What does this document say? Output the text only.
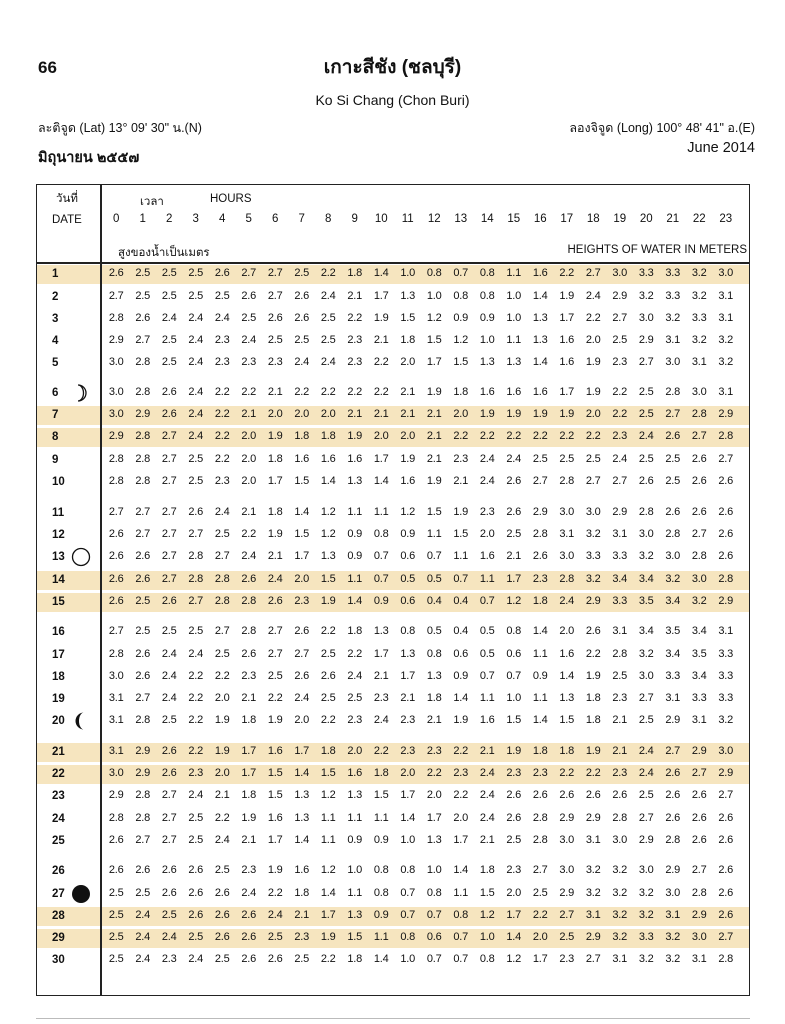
66	เกาะสีชัง (ชลบุรี)
Ko Si Chang (Chon Buri)
ละติจูด (Lat) 13° 09' 30" น.(N)	ลองจิจูด (Long) 100° 48' 41" อ.(E)
มิถุนายน ๒๕๕๗
June 2014
วันที่
DATE
เวลา	HOURS
0	1	2	3	4	5	6	7	8	9	10	11	12	13	14	15	16	17	18	19	20	21	22	23
สูงของน้ำเป็นเมตร	HEIGHTS OF WATER IN METERS
1	2.6	2.5	2.5	2.5	2.6	2.7	2.7	2.5	2.2	1.8	1.4	1.0	0.8	0.7	0.8	1.1	1.6	2.2	2.7	3.0	3.3	3.3	3.2	3.0
2	2.7	2.5	2.5	2.5	2.5	2.6	2.7	2.6	2.4	2.1	1.7	1.3	1.0	0.8	0.8	1.0	1.4	1.9	2.4	2.9	3.2	3.3	3.2	3.1
3	2.8	2.6	2.4	2.4	2.4	2.5	2.6	2.6	2.5	2.2	1.9	1.5	1.2	0.9	0.9	1.0	1.3	1.7	2.2	2.7	3.0	3.2	3.3	3.1
4	2.9	2.7	2.5	2.4	2.3	2.4	2.5	2.5	2.5	2.3	2.1	1.8	1.5	1.2	1.0	1.1	1.3	1.6	2.0	2.5	2.9	3.1	3.2	3.2
5	3.0	2.8	2.5	2.4	2.3	2.3	2.3	2.4	2.4	2.3	2.2	2.0	1.7	1.5	1.3	1.3	1.4	1.6	1.9	2.3	2.7	3.0	3.1	3.2
6	3.0	2.8	2.6	2.4	2.2	2.2	2.1	2.2	2.2	2.2	2.2	2.1	1.9	1.8	1.6	1.6	1.6	1.7	1.9	2.2	2.5	2.8	3.0	3.1
7	3.0	2.9	2.6	2.4	2.2	2.1	2.0	2.0	2.0	2.1	2.1	2.1	2.1	2.0	1.9	1.9	1.9	1.9	2.0	2.2	2.5	2.7	2.8	2.9
8	2.9	2.8	2.7	2.4	2.2	2.0	1.9	1.8	1.8	1.9	2.0	2.0	2.1	2.2	2.2	2.2	2.2	2.2	2.2	2.3	2.4	2.6	2.7	2.8
9	2.8	2.8	2.7	2.5	2.2	2.0	1.8	1.6	1.6	1.6	1.7	1.9	2.1	2.3	2.4	2.4	2.5	2.5	2.5	2.4	2.5	2.5	2.6	2.7
10	2.8	2.8	2.7	2.5	2.3	2.0	1.7	1.5	1.4	1.3	1.4	1.6	1.9	2.1	2.4	2.6	2.7	2.8	2.7	2.7	2.6	2.5	2.6	2.6
11	2.7	2.7	2.7	2.6	2.4	2.1	1.8	1.4	1.2	1.1	1.1	1.2	1.5	1.9	2.3	2.6	2.9	3.0	3.0	2.9	2.8	2.6	2.6	2.6
12	2.6	2.7	2.7	2.7	2.5	2.2	1.9	1.5	1.2	0.9	0.8	0.9	1.1	1.5	2.0	2.5	2.8	3.1	3.2	3.1	3.0	2.8	2.7	2.6
13	2.6	2.6	2.7	2.8	2.7	2.4	2.1	1.7	1.3	0.9	0.7	0.6	0.7	1.1	1.6	2.1	2.6	3.0	3.3	3.3	3.2	3.0	2.8	2.6
14	2.6	2.6	2.7	2.8	2.8	2.6	2.4	2.0	1.5	1.1	0.7	0.5	0.5	0.7	1.1	1.7	2.3	2.8	3.2	3.4	3.4	3.2	3.0	2.8
15	2.6	2.5	2.6	2.7	2.8	2.8	2.6	2.3	1.9	1.4	0.9	0.6	0.4	0.4	0.7	1.2	1.8	2.4	2.9	3.3	3.5	3.4	3.2	2.9
16	2.7	2.5	2.5	2.5	2.7	2.8	2.7	2.6	2.2	1.8	1.3	0.8	0.5	0.4	0.5	0.8	1.4	2.0	2.6	3.1	3.4	3.5	3.4	3.1
17	2.8	2.6	2.4	2.4	2.5	2.6	2.7	2.7	2.5	2.2	1.7	1.3	0.8	0.6	0.5	0.6	1.1	1.6	2.2	2.8	3.2	3.4	3.5	3.3
18	3.0	2.6	2.4	2.2	2.2	2.3	2.5	2.6	2.6	2.4	2.1	1.7	1.3	0.9	0.7	0.7	0.9	1.4	1.9	2.5	3.0	3.3	3.4	3.3
19	3.1	2.7	2.4	2.2	2.0	2.1	2.2	2.4	2.5	2.5	2.3	2.1	1.8	1.4	1.1	1.0	1.1	1.3	1.8	2.3	2.7	3.1	3.3	3.3
20	3.1	2.8	2.5	2.2	1.9	1.8	1.9	2.0	2.2	2.3	2.4	2.3	2.1	1.9	1.6	1.5	1.4	1.5	1.8	2.1	2.5	2.9	3.1	3.2
21	3.1	2.9	2.6	2.2	1.9	1.7	1.6	1.7	1.8	2.0	2.2	2.3	2.3	2.2	2.1	1.9	1.8	1.8	1.9	2.1	2.4	2.7	2.9	3.0
22	3.0	2.9	2.6	2.3	2.0	1.7	1.5	1.4	1.5	1.6	1.8	2.0	2.2	2.3	2.4	2.3	2.3	2.2	2.2	2.3	2.4	2.6	2.7	2.9
23	2.9	2.8	2.7	2.4	2.1	1.8	1.5	1.3	1.2	1.3	1.5	1.7	2.0	2.2	2.4	2.6	2.6	2.6	2.6	2.6	2.5	2.6	2.6	2.7
24	2.8	2.8	2.7	2.5	2.2	1.9	1.6	1.3	1.1	1.1	1.1	1.4	1.7	2.0	2.4	2.6	2.8	2.9	2.9	2.8	2.7	2.6	2.6	2.6
25	2.6	2.7	2.7	2.5	2.4	2.1	1.7	1.4	1.1	0.9	0.9	1.0	1.3	1.7	2.1	2.5	2.8	3.0	3.1	3.0	2.9	2.8	2.6	2.6
26	2.6	2.6	2.6	2.6	2.5	2.3	1.9	1.6	1.2	1.0	0.8	0.8	1.0	1.4	1.8	2.3	2.7	3.0	3.2	3.2	3.0	2.9	2.7	2.6
27	2.5	2.5	2.6	2.6	2.6	2.4	2.2	1.8	1.4	1.1	0.8	0.7	0.8	1.1	1.5	2.0	2.5	2.9	3.2	3.2	3.2	3.0	2.8	2.6
28	2.5	2.4	2.5	2.6	2.6	2.6	2.4	2.1	1.7	1.3	0.9	0.7	0.7	0.8	1.2	1.7	2.2	2.7	3.1	3.2	3.2	3.1	2.9	2.6
29	2.5	2.4	2.4	2.5	2.6	2.6	2.5	2.3	1.9	1.5	1.1	0.8	0.6	0.7	1.0	1.4	2.0	2.5	2.9	3.2	3.3	3.2	3.0	2.7
30	2.5	2.4	2.3	2.4	2.5	2.6	2.6	2.5	2.2	1.8	1.4	1.0	0.7	0.7	0.8	1.2	1.7	2.3	2.7	3.1	3.2	3.2	3.1	2.8
